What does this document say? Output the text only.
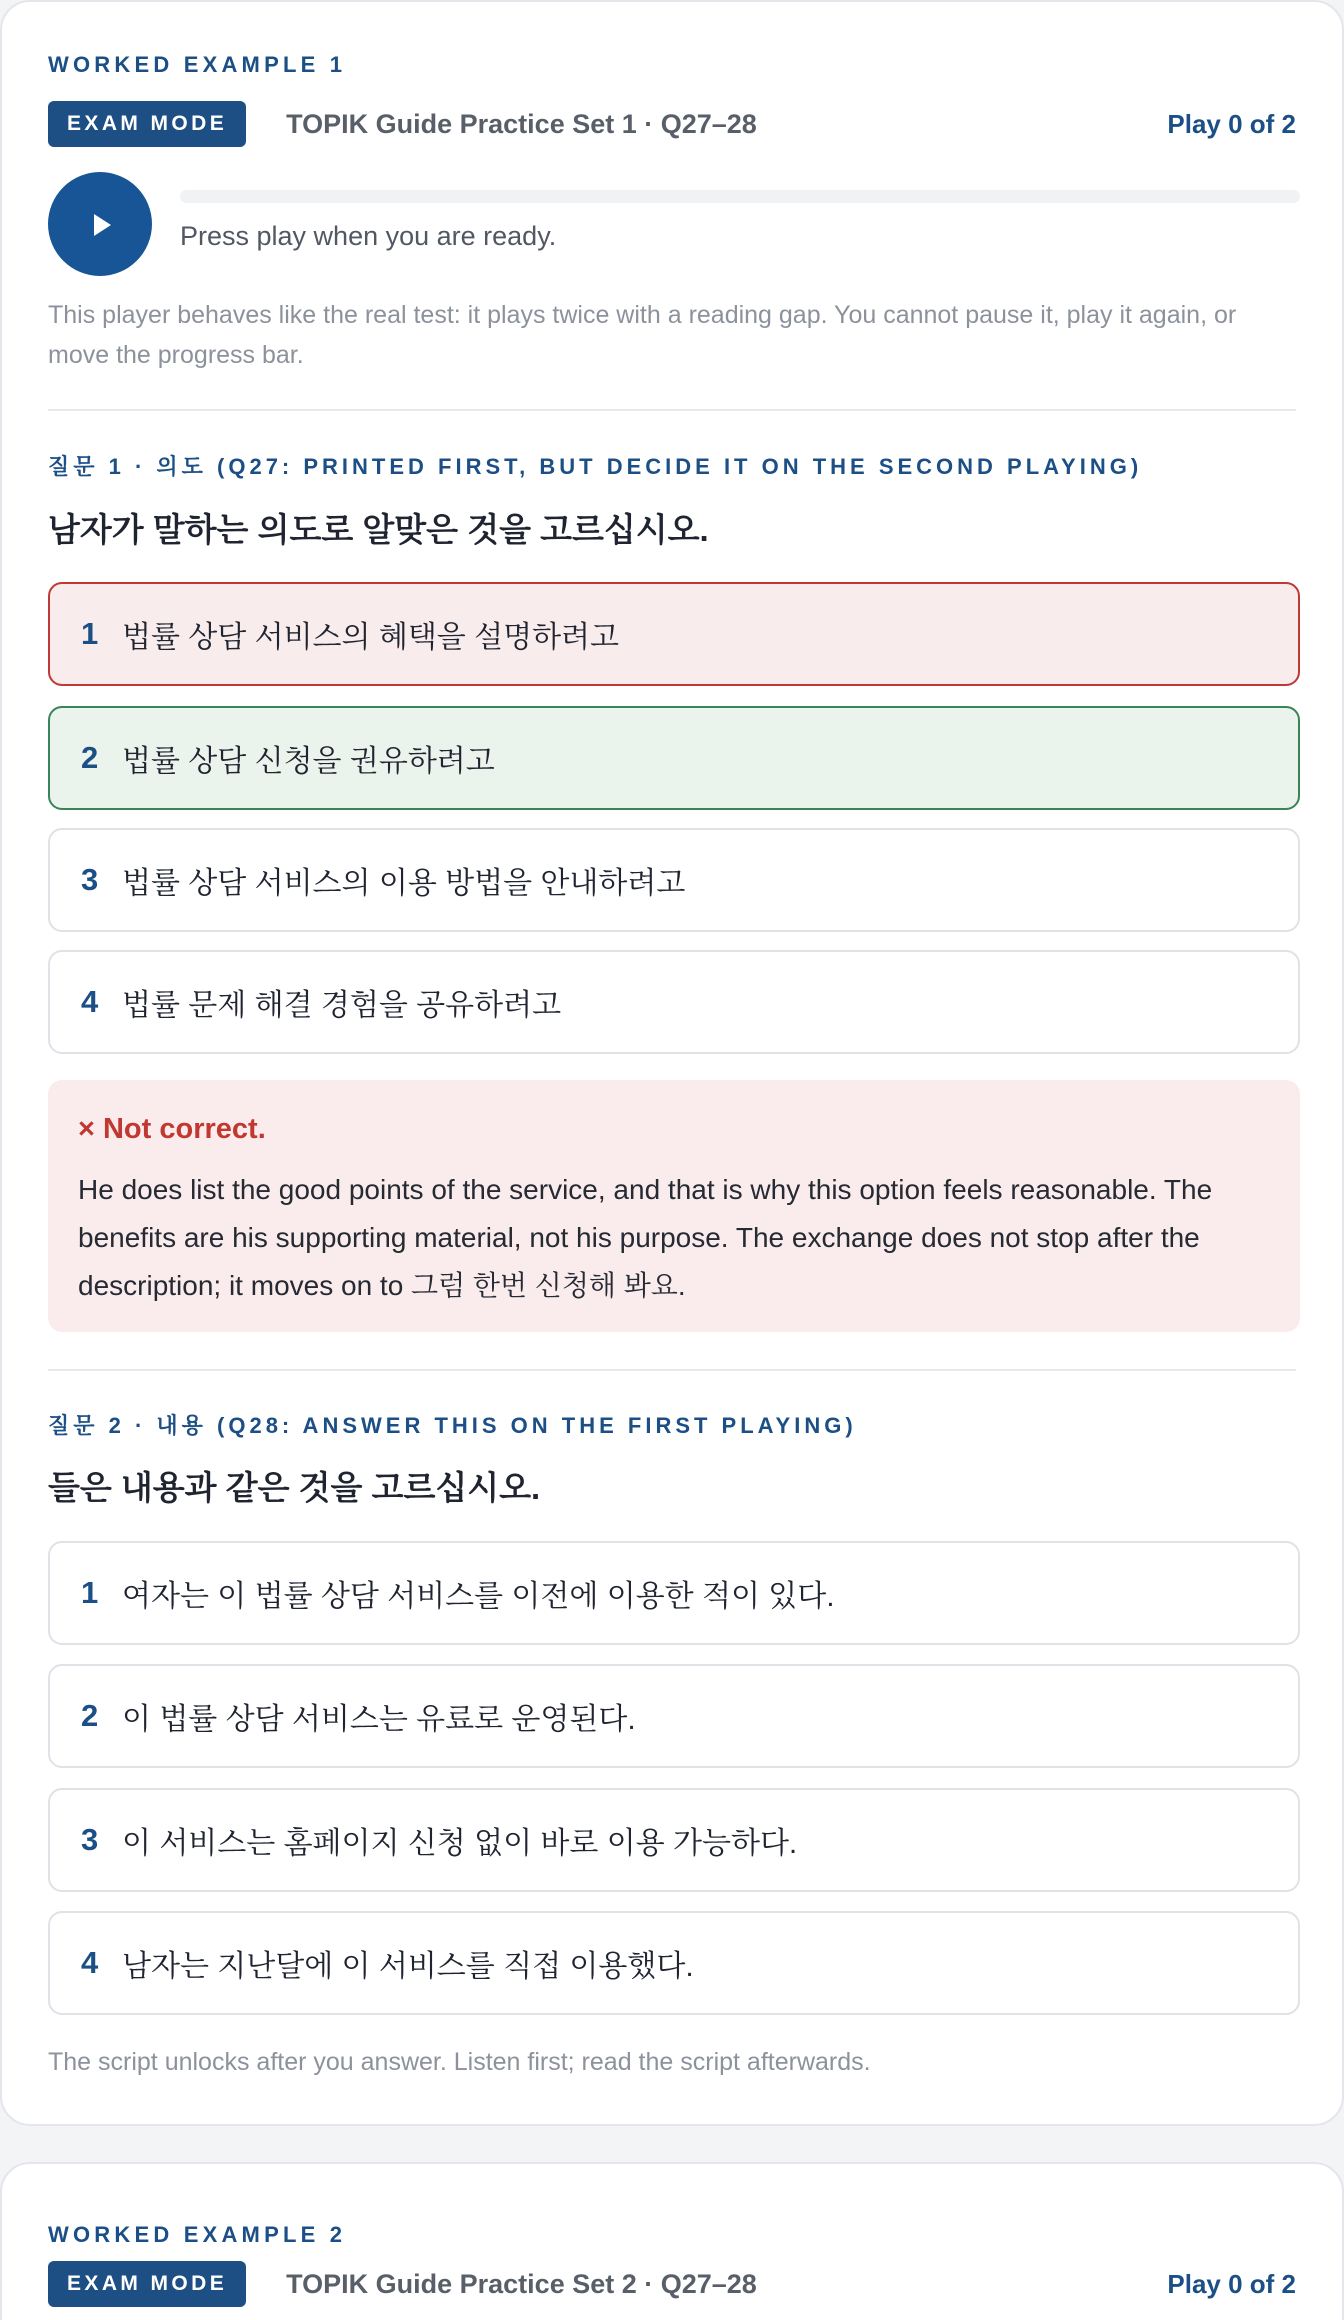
WORKED EXAMPLE 1
EXAM MODE	TOPIK Guide Practice Set 1 · Q27–28	Play 0 of 2
Press play when you are ready.
This player behaves like the real test: it plays twice with a reading gap. You cannot pause it, play it again, or move the progress bar.
질문 1 · 의도 (Q27: PRINTED FIRST, BUT DECIDE IT ON THE SECOND PLAYING)
남자가 말하는 의도로 알맞은 것을 고르십시오.
1 법률 상담 서비스의 혜택을 설명하려고
2 법률 상담 신청을 권유하려고
3 법률 상담 서비스의 이용 방법을 안내하려고
4 법률 문제 해결 경험을 공유하려고
× Not correct.
He does list the good points of the service, and that is why this option feels reasonable. The benefits are his supporting material, not his purpose. The exchange does not stop after the description; it moves on to 그럼 한번 신청해 봐요.
질문 2 · 내용 (Q28: ANSWER THIS ON THE FIRST PLAYING)
들은 내용과 같은 것을 고르십시오.
1 여자는 이 법률 상담 서비스를 이전에 이용한 적이 있다.
2 이 법률 상담 서비스는 유료로 운영된다.
3 이 서비스는 홈페이지 신청 없이 바로 이용 가능하다.
4 남자는 지난달에 이 서비스를 직접 이용했다.
The script unlocks after you answer. Listen first; read the script afterwards.
WORKED EXAMPLE 2
EXAM MODE	TOPIK Guide Practice Set 2 · Q27–28	Play 0 of 2
